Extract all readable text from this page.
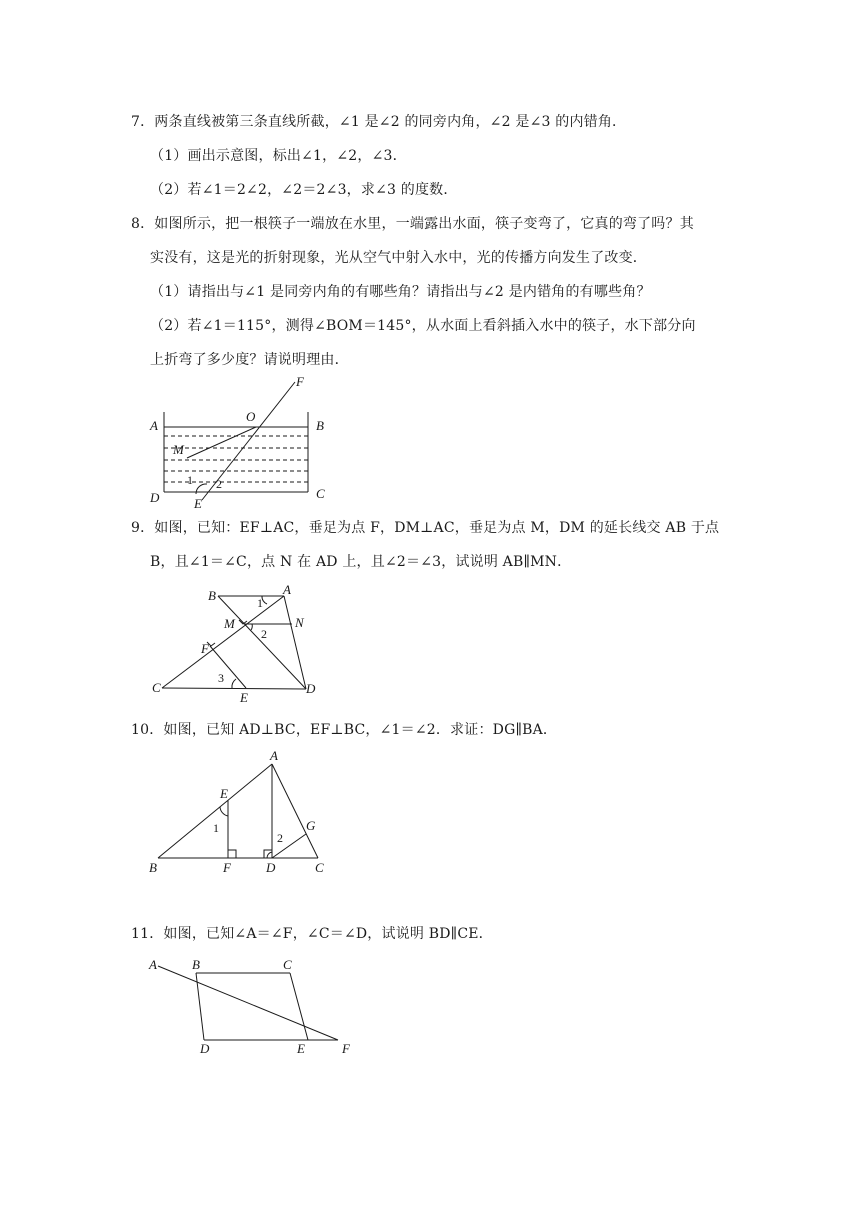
7．两条直线被第三条直线所截，∠1 是∠2 的同旁内角，∠2 是∠3 的内错角．
（1）画出示意图，标出∠1，∠2，∠3．
（2）若∠1＝2∠2，∠2＝2∠3，求∠3 的度数．
8．如图所示，把一根筷子一端放在水里，一端露出水面，筷子变弯了，它真的弯了吗？其
实没有，这是光的折射现象，光从空气中射入水中，光的传播方向发生了改变．
（1）请指出与∠1 是同旁内角的有哪些角？请指出与∠2 是内错角的有哪些角？
（2）若∠1＝115°，测得∠BOM＝145°，从水面上看斜插入水中的筷子，水下部分向
上折弯了多少度？请说明理由．
A	B
O
F
M
1 2
D	E
C
9．如图，已知：EF⊥AC，垂足为点 F，DM⊥AC，垂足为点 M，DM 的延长线交 AB 于点
B，且∠1＝∠C，点 N 在 AD 上，且∠2＝∠3，试说明 AB∥MN．
B	A
1
M	N
2
F
3
C
E
D
10．如图，已知 AD⊥BC，EF⊥BC，∠1＝∠2．求证：DG∥BA．
A
E
1	G
2
B	F	D	C
11．如图，已知∠A＝∠F，∠C＝∠D，试说明 BD∥CE．
A	B	C
D	E	F
